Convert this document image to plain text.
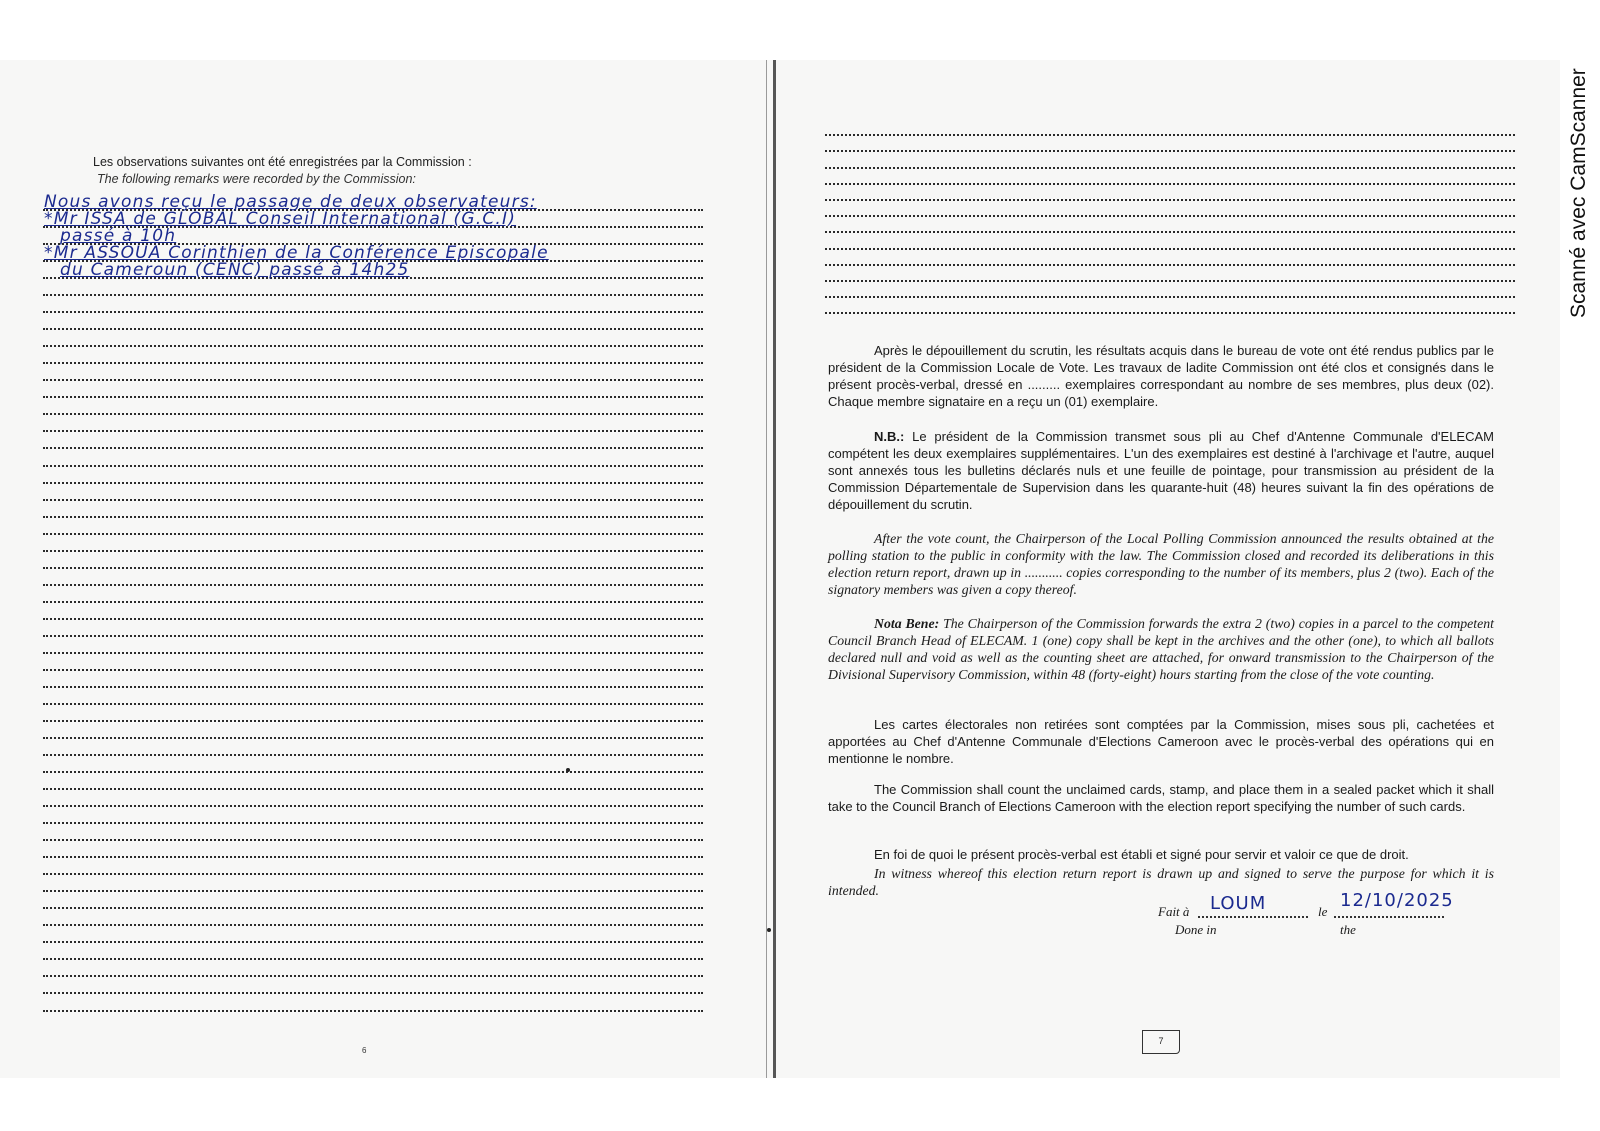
Scanné avec CamScanner
Les observations suivantes ont été enregistrées par la Commission :
The following remarks were recorded by the Commission:
Nous avons reçu le passage de deux observateurs:
*Mr ISSA de GLOBAL Conseil International (G.C.I)
passé à 10h
*Mr ASSOUA Corinthien de la Conférence Episcopale
du Cameroun (CENC) passé à 14h25
6

Après le dépouillement du scrutin, les résultats acquis dans le bureau de vote ont été rendus publics par le président de la Commission Locale de Vote. Les travaux de ladite Commission ont été clos et consignés dans le présent procès-verbal, dressé en ......... exemplaires correspondant au nombre de ses membres, plus deux (02). Chaque membre signataire en a reçu un (01) exemplaire.

N.B.: Le président de la Commission transmet sous pli au Chef d'Antenne Communale d'ELECAM compétent les deux exemplaires supplémentaires. L'un des exemplaires est destiné à l'archivage et l'autre, auquel sont annexés tous les bulletins déclarés nuls et une feuille de pointage, pour transmission au président de la Commission Départementale de Supervision dans les quarante-huit (48) heures suivant la fin des opérations de dépouillement du scrutin.

After the vote count, the Chairperson of the Local Polling Commission announced the results obtained at the polling station to the public in conformity with the law. The Commission closed and recorded its deliberations in this election return report, drawn up in ........... copies corresponding to the number of its members, plus 2 (two). Each of the signatory members was given a copy thereof.

Nota Bene: The Chairperson of the Commission forwards the extra 2 (two) copies in a parcel to the competent Council Branch Head of ELECAM. 1 (one) copy shall be kept in the archives and the other (one), to which all ballots declared null and void as well as the counting sheet are attached, for onward transmission to the Chairperson of the Divisional Supervisory Commission, within 48 (forty-eight) hours starting from the close of the vote counting.

Les cartes électorales non retirées sont comptées par la Commission, mises sous pli, cachetées et apportées au Chef d'Antenne Communale d'Elections Cameroon avec le procès-verbal des opérations qui en mentionne le nombre.

The Commission shall count the unclaimed cards, stamp, and place them in a sealed packet which it shall take to the Council Branch of Elections Cameroon with the election report specifying the number of such cards.

En foi de quoi le présent procès-verbal est établi et signé pour servir et valoir ce que de droit.

In witness whereof this election return report is drawn up and signed to serve the purpose for which it is intended.

Fait à LOUM	le
12/10/2025
Done in	the
7
